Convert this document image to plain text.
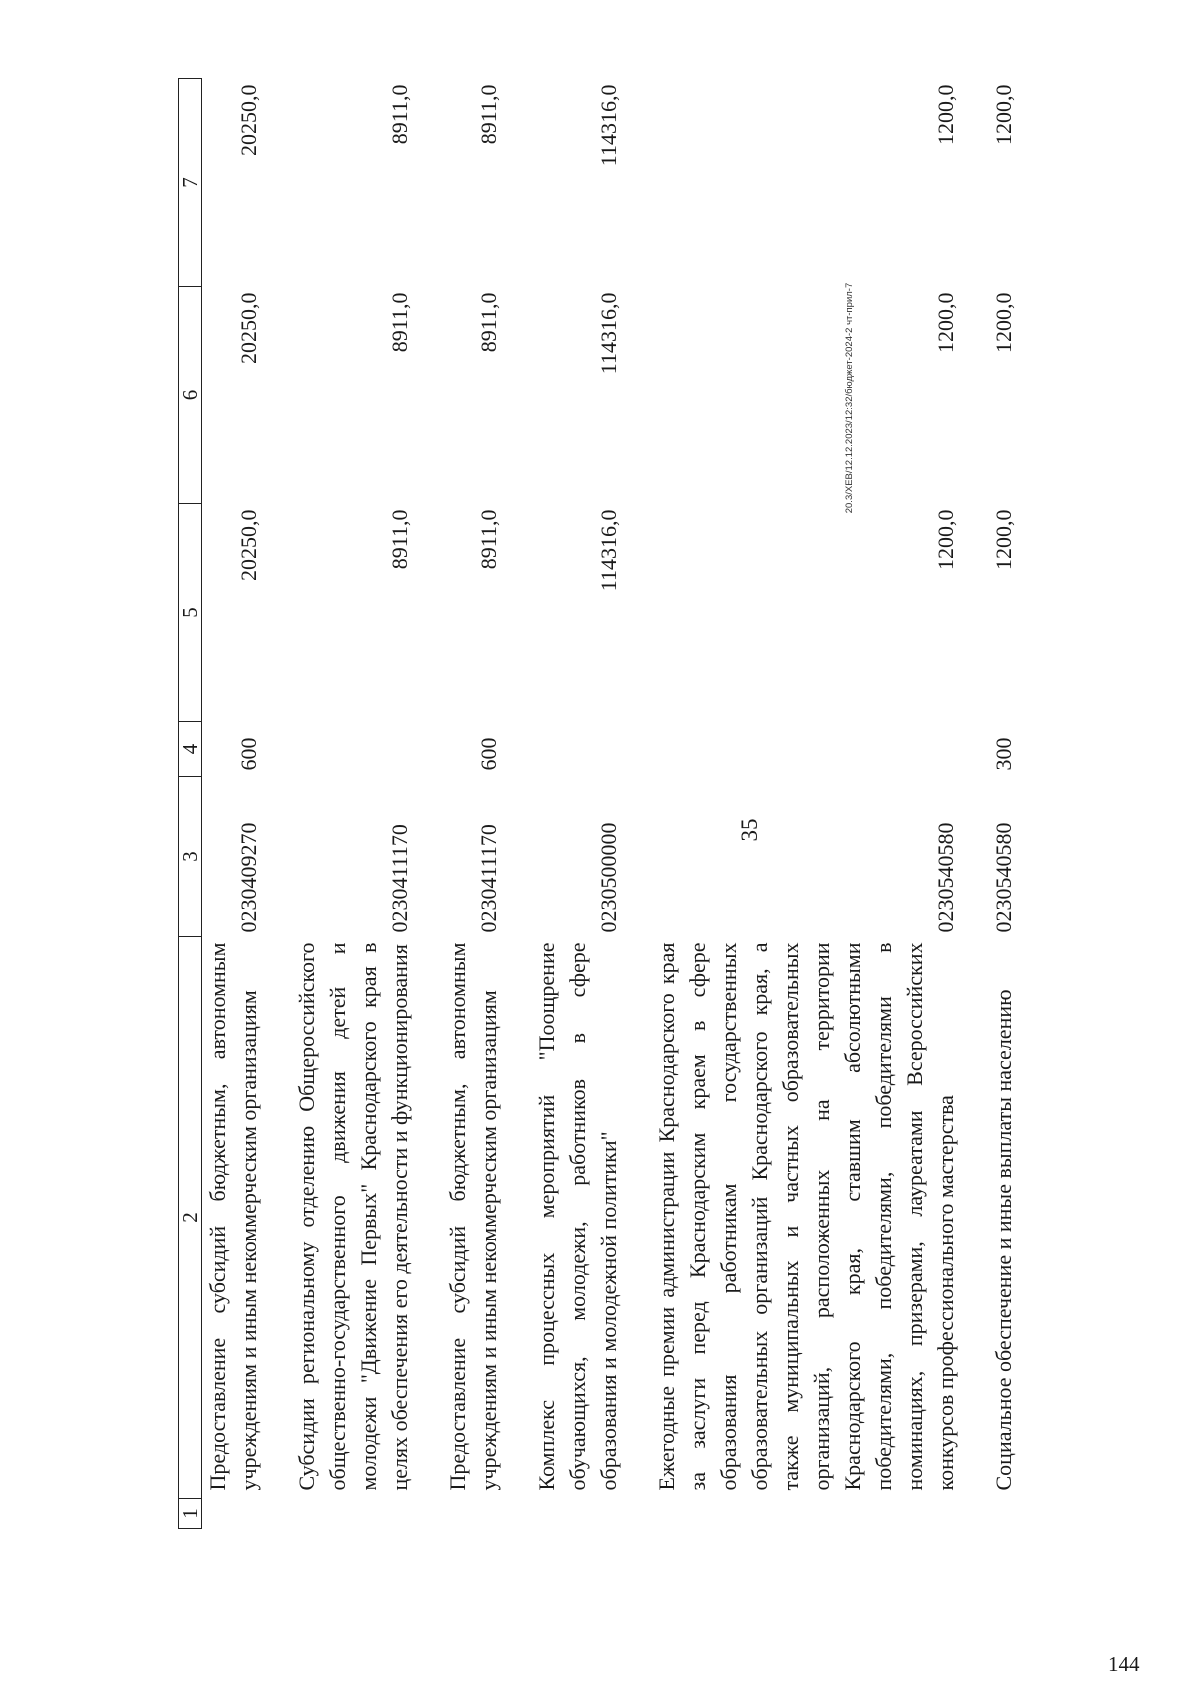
35
1	2	3	4	5	6	7
	Предоставление субсидий бюджетным, автономным учреждениям и иным некоммерческим организациям	0230409270	600	20250,0	20250,0	20250,0

	Субсидии региональному отделению Общероссийского общественно-государственного движения детей и молодежи "Движение Первых" Краснодарского края в целях обеспечения его деятельности и функционирования	0230411170		8911,0	8911,0	8911,0

	Предоставление субсидий бюджетным, автономным учреждениям и иным некоммерческим организациям	0230411170	600	8911,0	8911,0	8911,0

	Комплекс процессных мероприятий "Поощрение обучающихся, молодежи, работников в сфере образования и молодежной политики"	0230500000		114316,0	114316,0	114316,0

	Ежегодные премии администрации Краснодарского края за заслуги перед Краснодарским краем в сфере образования работникам государственных образовательных организаций Краснодарского края, а также муниципальных и частных образовательных организаций, расположенных на территории Краснодарского края, ставшим абсолютными победителями, победителями, победителями в номинациях, призерами, лауреатами Всероссийских конкурсов профессионального мастерства	0230540580		1200,0	1200,0	1200,0

	Социальное обеспечение и иные выплаты населению	0230540580	300	1200,0	1200,0	1200,0
20.3/ХЕВ/12.12.2023/12:32/бюджет-2024-2 чт-прил-7
144
